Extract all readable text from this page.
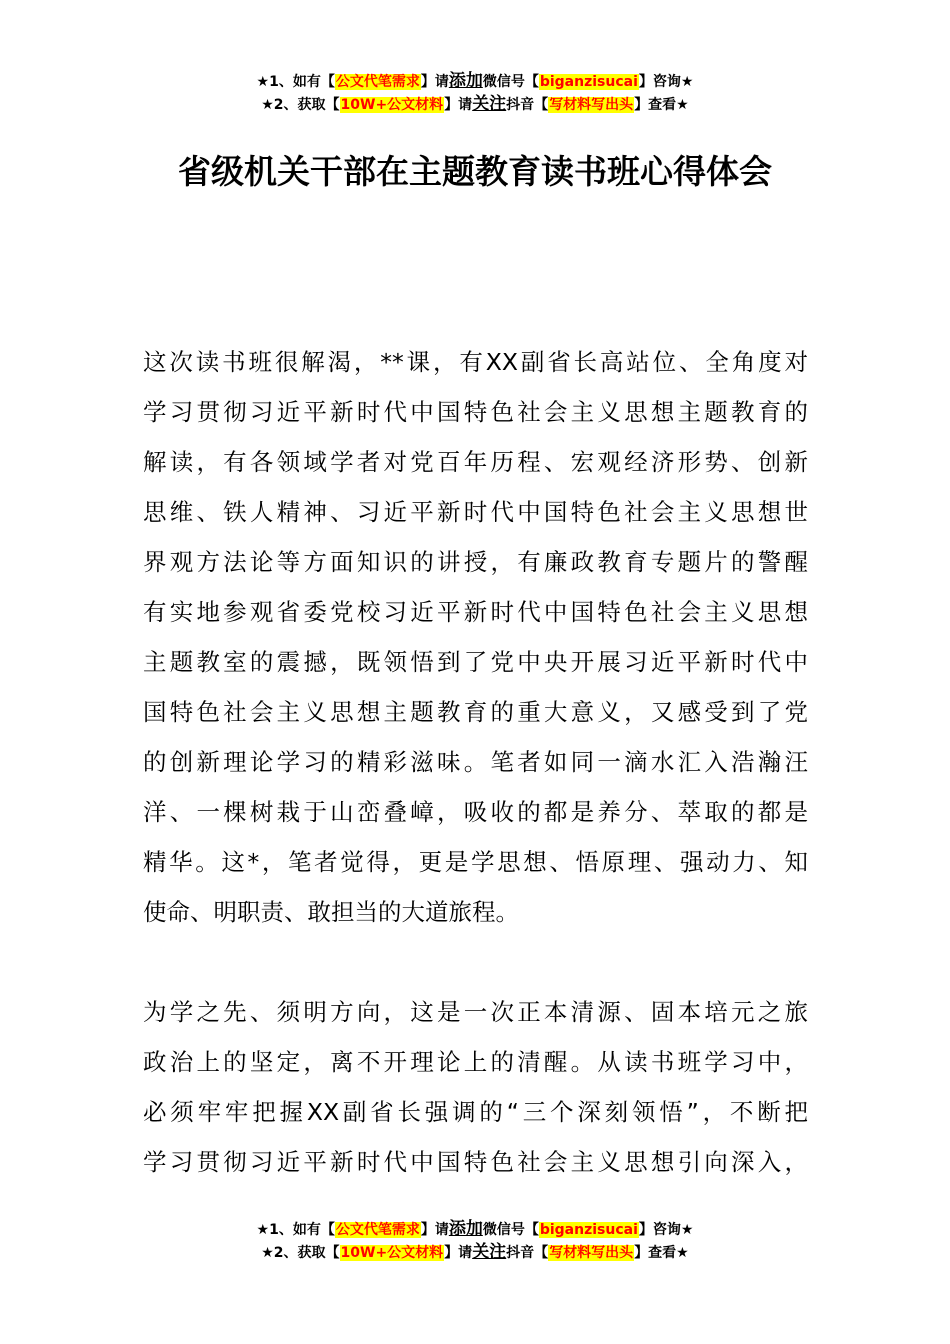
★1、如有【公文代笔需求】请添加微信号【biganzisucai】咨询★
★2、获取【10W+公文材料】请关注抖音【写材料写出头】查看★
省级机关干部在主题教育读书班心得体会
这次读书班很解渴，**课，有XX副省长高站位、全角度对
学习贯彻习近平新时代中国特色社会主义思想主题教育的
解读，有各领域学者对党百年历程、宏观经济形势、创新
思维、铁人精神、习近平新时代中国特色社会主义思想世
界观方法论等方面知识的讲授，有廉政教育专题片的警醒
有实地参观省委党校习近平新时代中国特色社会主义思想
主题教室的震撼，既领悟到了党中央开展习近平新时代中
国特色社会主义思想主题教育的重大意义，又感受到了党
的创新理论学习的精彩滋味。笔者如同一滴水汇入浩瀚汪
洋、一棵树栽于山峦叠嶂，吸收的都是养分、萃取的都是
精华。这*，笔者觉得，更是学思想、悟原理、强动力、知
使命、明职责、敢担当的大道旅程。
为学之先、须明方向，这是一次正本清源、固本培元之旅
政治上的坚定，离不开理论上的清醒。从读书班学习中，
必须牢牢把握XX副省长强调的“三个深刻领悟”，不断把
学习贯彻习近平新时代中国特色社会主义思想引向深入，
★1、如有【公文代笔需求】请添加微信号【biganzisucai】咨询★
★2、获取【10W+公文材料】请关注抖音【写材料写出头】查看★
